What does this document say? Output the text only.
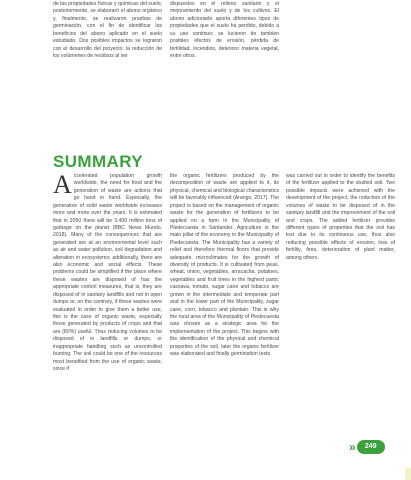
de las propiedades físicas y químicas del suelo; posteriormente, se elaboraró el abono orgánico y, finalmente, se realizaron pruebas de germinación, con el fin de identificar los beneficios del abono aplicado en el suelo estudiado. Dos posibles impactos se lograron con el desarrollo del proyecto: la reducción de los volúmenes de residuos al ser

dispuestos en el relleno sanitario y el mejoramiento del suelo y de los cultivos. El abono adicionado aporta diferentes tipos de propiedades que el suelo ha perdido, debido a su uso continuo; se lucieron de también posibles efectos de erosión, pérdida de fertilidad, incendios, deterioro materia vegetal, entre otros.

SUMMARY
A ccelerated population growth worldwide, the need for food and the generation of waste are actions that go hand in hand. Especially, the generation of solid waste worldwide increases more and more over the years. It is estimated that in 2050 there will be 3,400 million tons of garbage on the planet (BBC News Mundo, 2018). Many of the consequences that are generated are at an environmental level such as air and water pollution, soil degradation and alteration in ecosystems; additionally, there are also economic and social effects. These problems could be simplified if the place where these wastes are disposed of has the appropriate control measures, that is, they are disposed of in sanitary landfills and not in open dumps or, on the contrary, if these wastes were evaluated in order to give them a better use, this is the case of organic waste, especially those generated by products of crops and that are (80%) useful. Thus reducing volumes to be disposed of in landfills or dumps, or inappropriate handling such as uncontrolled burning. The soil could be one of the resources most benefited from the use of organic waste, since if

the organic fertilizers produced by the decomposition of waste are applied to it, its physical, chemical and biological characteristics will be favorably influenced (Arango, 2017). The project is based on the management of organic waste for the generation of fertilizers to be applied on a farm in the Municipality of Piedecuesta in Santander. Agriculture is the main pillar of the economy in the Municipality of Piedecuesta. The Municipality has a variety of relief and therefore thermal floors that provide adequate microclimates for the growth of diversity of products. It is cultivated from peas, wheat, onion, vegetables, arracacha, potatoes, vegetables and fruit trees in the highest parts; cassava, tomato, sugar cane and tobacco are grown in the intermediate and temperate part and in the lower part of the Municipality, sugar cane, corn, tobacco and plantain. This is why the rural area of the Municipality of Piedecuesta was chosen as a strategic area for the implementation of the project. This begins with the identification of the physical and chemical properties of the soil, later the organic fertilizer was elaborated and finally germination tests

was carried out in order to identify the benefits of the fertilizer applied to the studied soil. Two possible impacts were achieved with the development of the project, the reduction of the volumes of waste to be disposed of in the sanitary landfill and the improvement of the soil and crops. The added fertilizer provides different types of properties that the soil has lost due to its continuous use, thus also reducing possible effects of erosion, loss of fertility, fires, deterioration of plant matter, among others.

»	249
